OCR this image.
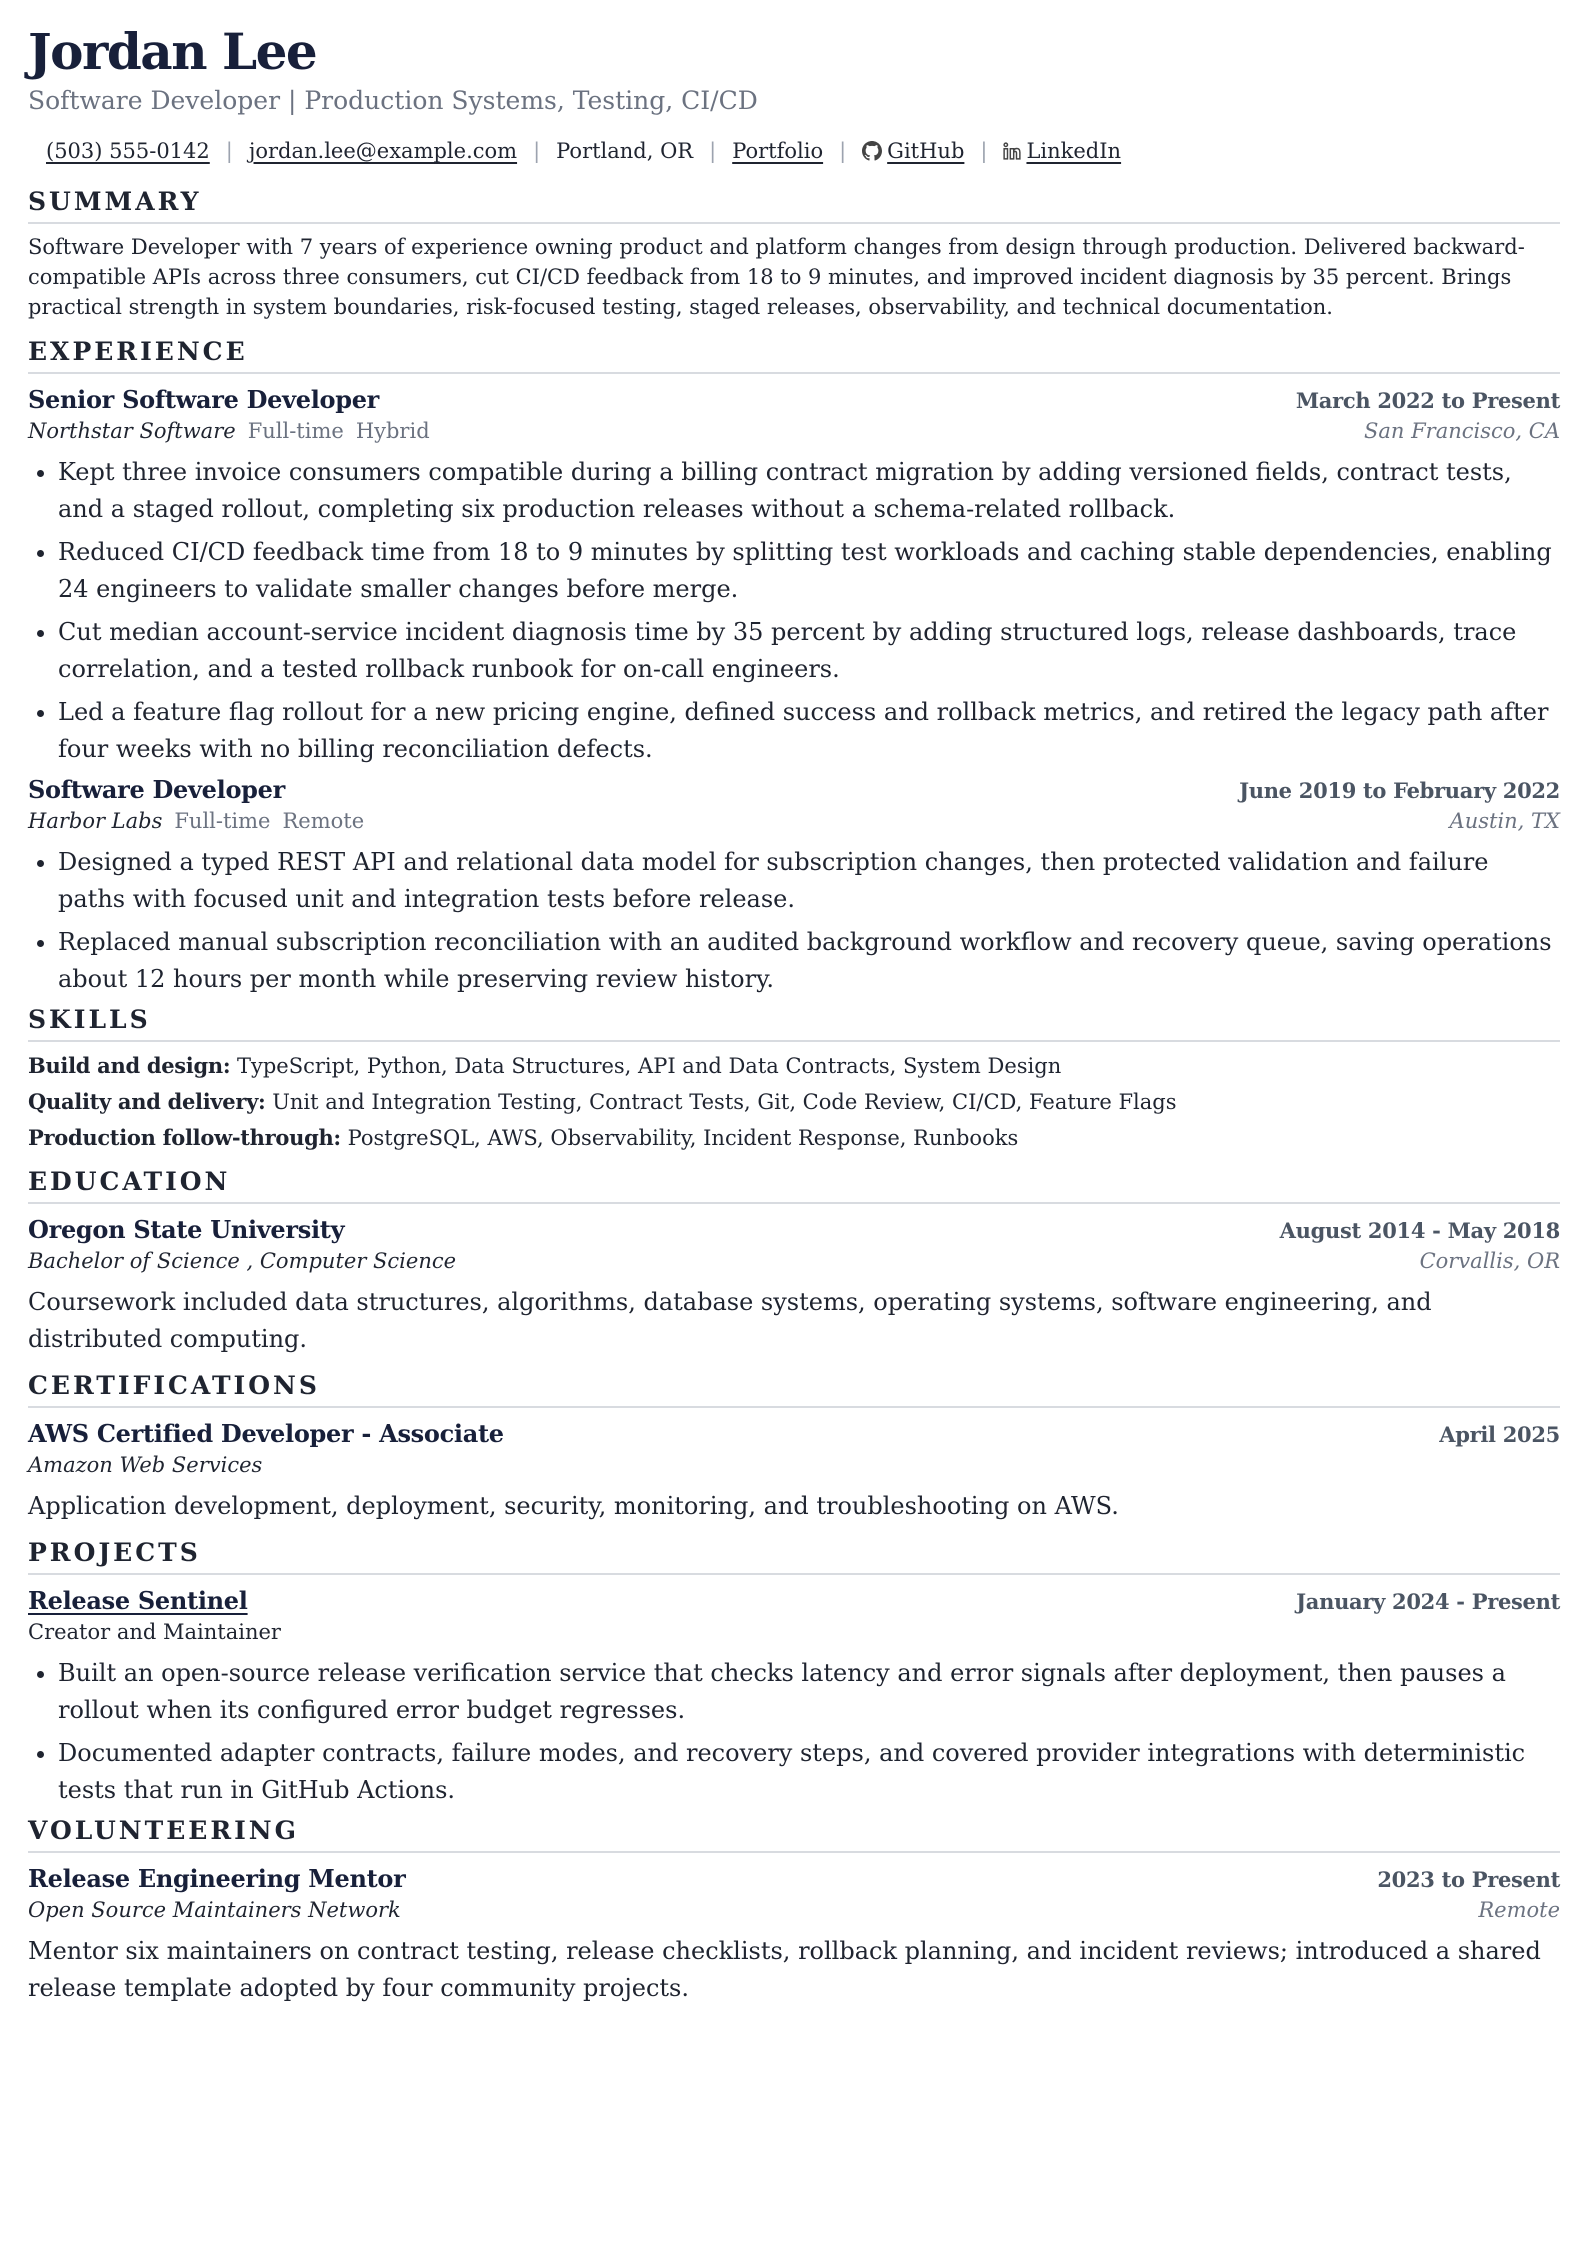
Jordan Lee
Software Developer | Production Systems, Testing, CI/CD
(503) 555-0142 | jordan.lee@example.com | Portland, OR | Portfolio | GitHub | LinkedIn
SUMMARY
Software Developer with 7 years of experience owning product and platform changes from design through production. Delivered backward-compatible APIs across three consumers, cut CI/CD feedback from 18 to 9 minutes, and improved incident diagnosis by 35 percent. Brings practical strength in system boundaries, risk-focused testing, staged releases, observability, and technical documentation.
EXPERIENCE
Senior Software Developer	March 2022 to Present
Northstar Software Full-time Hybrid	San Francisco, CA
• Kept three invoice consumers compatible during a billing contract migration by adding versioned fields, contract tests, and a staged rollout, completing six production releases without a schema-related rollback.
• Reduced CI/CD feedback time from 18 to 9 minutes by splitting test workloads and caching stable dependencies, enabling 24 engineers to validate smaller changes before merge.
• Cut median account-service incident diagnosis time by 35 percent by adding structured logs, release dashboards, trace correlation, and a tested rollback runbook for on-call engineers.
• Led a feature flag rollout for a new pricing engine, defined success and rollback metrics, and retired the legacy path after four weeks with no billing reconciliation defects.
Software Developer	June 2019 to February 2022
Harbor Labs Full-time Remote	Austin, TX
• Designed a typed REST API and relational data model for subscription changes, then protected validation and failure paths with focused unit and integration tests before release.
• Replaced manual subscription reconciliation with an audited background workflow and recovery queue, saving operations about 12 hours per month while preserving review history.
SKILLS
Build and design: TypeScript, Python, Data Structures, API and Data Contracts, System Design
Quality and delivery: Unit and Integration Testing, Contract Tests, Git, Code Review, CI/CD, Feature Flags
Production follow-through: PostgreSQL, AWS, Observability, Incident Response, Runbooks
EDUCATION
Oregon State University	August 2014 - May 2018
Bachelor of Science , Computer Science	Corvallis, OR
Coursework included data structures, algorithms, database systems, operating systems, software engineering, and distributed computing.
CERTIFICATIONS
AWS Certified Developer - Associate	April 2025
Amazon Web Services
Application development, deployment, security, monitoring, and troubleshooting on AWS.
PROJECTS
Release Sentinel	January 2024 - Present
Creator and Maintainer
• Built an open-source release verification service that checks latency and error signals after deployment, then pauses a rollout when its configured error budget regresses.
• Documented adapter contracts, failure modes, and recovery steps, and covered provider integrations with deterministic tests that run in GitHub Actions.
VOLUNTEERING
Release Engineering Mentor	2023 to Present
Open Source Maintainers Network	Remote
Mentor six maintainers on contract testing, release checklists, rollback planning, and incident reviews; introduced a shared release template adopted by four community projects.
